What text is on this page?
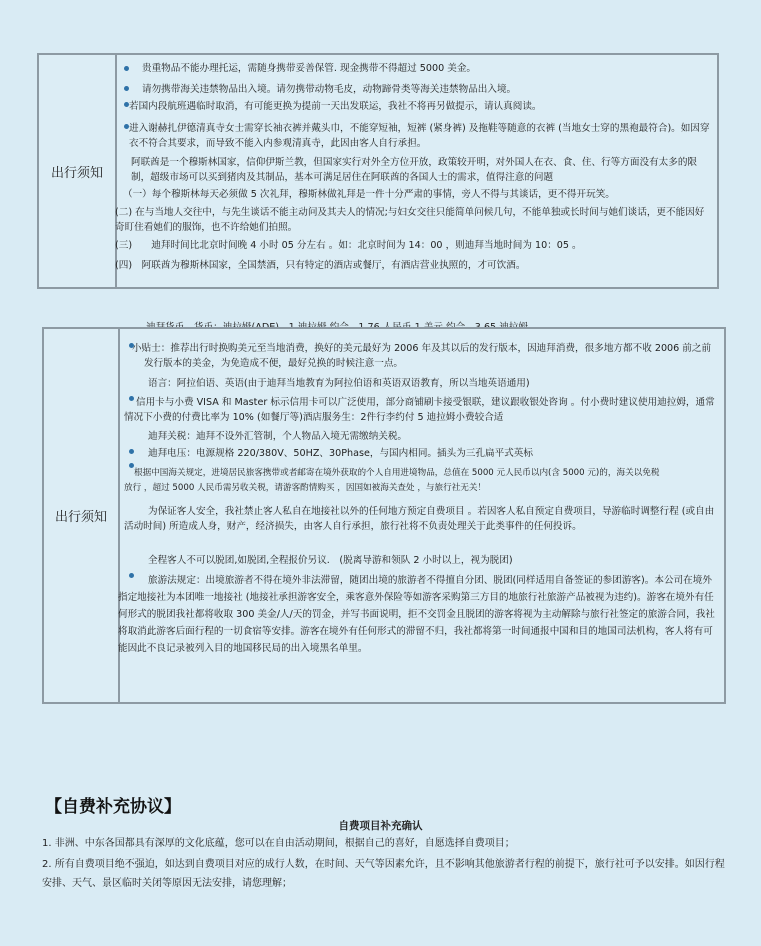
出行须知
贵重物品不能办理托运，需随身携带妥善保管. 现金携带不得超过 5000 美金。
请勿携带海关违禁物品出入境。请勿携带动物毛皮，动物蹄骨类等海关违禁物品出入境。
若国内段航班遇临时取消，有可能更换为提前一天出发联运，我社不将再另做提示，请认真阅读。
进入谢赫扎伊德清真寺女士需穿长袖衣裤并戴头巾，不能穿短袖，短裤 (紧身裤) 及拖鞋等随意的衣裤 (当地女士穿的黑袍最符合)。如因穿衣不符合其要求，而导致不能入内参观清真寺，此因由客人自行承担。
阿联酋是一个穆斯林国家，信仰伊斯兰教，但国家实行对外全方位开放，政策较开明，对外国人在衣、食、住、行等方面没有太多的限制，超级市场可以买到猪肉及其制品，基本可满足居住在阿联酋的各国人士的需求，值得注意的问题
（一）每个穆斯林每天必须做 5 次礼拜，穆斯林做礼拜是一件十分严肃的事情，旁人不得与其谈话，更不得开玩笑。
(二) 在与当地人交往中，与先生谈话不能主动问及其夫人的情况;与妇女交往只能简单问候几句，不能单独或长时间与她们谈话，更不能因好奇盯住看她们的服饰，也不许给她们拍照。
(三)　　迪拜时间比北京时间晚 4 小时 05 分左右 。如：北京时间为 14：00 ，则迪拜当地时间为 10：05 。
(四)　阿联酋为穆斯林国家，全国禁酒，只有特定的酒店或餐厅，有酒店营业执照的，才可饮酒。
出行须知
小贴士：推荐出行时换购美元至当地消费，换好的美元最好为 2006 年及其以后的发行版本，因迪拜消费，很多地方都不收 2006 前之前发行版本的美金，为免造成不便，最好兑换的时候注意一点。
语言：阿拉伯语、英语(由于迪拜当地教育为阿拉伯语和英语双语教育，所以当地英语通用)
信用卡与小费 VISA 和 Master 标示信用卡可以广泛使用，部分商铺刷卡接受银联，建议跟收银处咨询 。付小费时建议使用迪拉姆，通常情况下小费的付费比率为 10% (如餐厅等)酒店服务生：2件行李约付 5 迪拉姆小费较合适
迪拜关税：迪拜不设外汇管制，个人物品入境无需缴纳关税。
迪拜电压：电源规格 220/380V、50HZ、30Phase，与国内相同。插头为三孔扁平式英标
根据中国海关规定，进境居民旅客携带或者邮寄在境外获取的个人自用进境物品，总值在 5000 元人民币以内(含 5000 元)的，海关以免税放行 ，超过 5000 人民币需另收关税，请游客酌情购买 ，因国如被海关查处 ，与旅行社无关！
为保证客人安全，我社禁止客人私自在地接社以外的任何地方预定自费项目 。若因客人私自预定自费项目，导游临时调整行程 (或自由活动时间) 所造成人身，财产，经济损失，由客人自行承担，旅行社将不负责处理关于此类事件的任何投诉。
全程客人不可以脱团,如脱团,全程报价另议.　(脱离导游和领队 2 小时以上，视为脱团)
旅游法规定：出境旅游者不得在境外非法滞留，随团出境的旅游者不得擅自分团、脱团(同样适用自备签证的参团游客)。本公司在境外指定地接社为本团唯一地接社 (地接社承担游客安全，乘客意外保险等如游客采购第三方目的地旅行社旅游产品被视为违约)。游客在境外有任何形式的脱团我社都将收取 300 美金/人/天的罚金，并写书面说明，拒不交罚金且脱团的游客将视为主动解除与旅行社签定的旅游合同，我社将取消此游客后面行程的一切食宿等安排。游客在境外有任何形式的滞留不归，我社都将第一时间通报中国和目的地国司法机构，客人将有可能因此不良记录被列入目的地国移民局的出入境黑名单里。
【自费补充协议】
自费项目补充确认
1. 非洲、中东各国都具有深厚的文化底蕴，您可以在自由活动期间，根据自己的喜好，自愿选择自费项目；
2. 所有自费项目绝不强迫，如达到自费项目对应的成行人数，在时间、天气等因素允许，且不影响其他旅游者行程的前提下，旅行社可予以安排。如因行程安排、天气、景区临时关闭等原因无法安排，请您理解；
